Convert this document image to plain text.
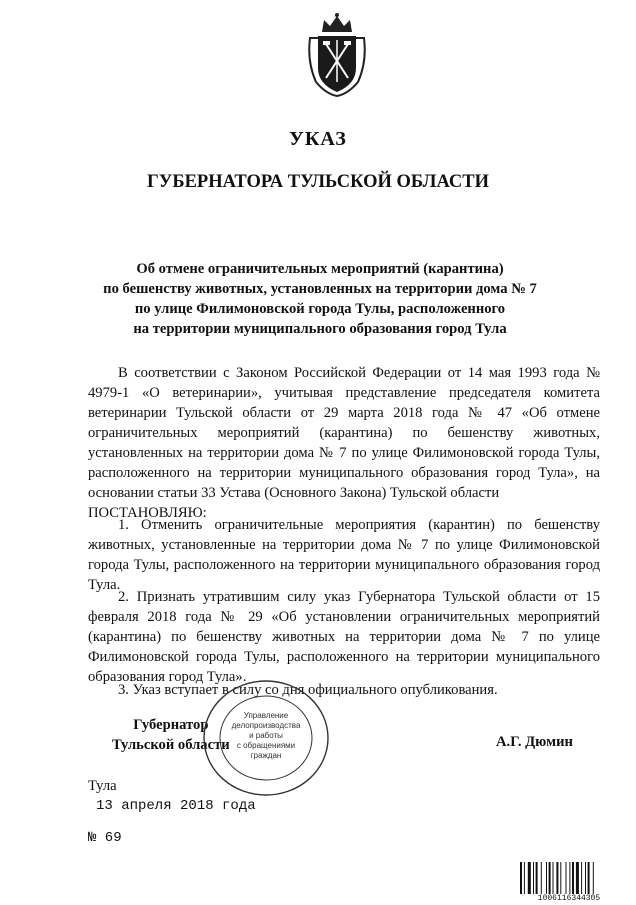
УКАЗ
ГУБЕРНАТОРА ТУЛЬСКОЙ ОБЛАСТИ
Об отмене ограничительных мероприятий (карантина)
по бешенству животных, установленных на территории дома № 7
по улице Филимоновской города Тулы, расположенного
на территории муниципального образования город Тула

В соответствии с Законом Российской Федерации от 14 мая 1993 года № 4979-1 «О ветеринарии», учитывая представление председателя комитета ветеринарии Тульской области от 29 марта 2018 года № 47 «Об отмене ограничительных мероприятий (карантина) по бешенству животных, установленных на территории дома № 7 по улице Филимоновской города Тулы, расположенного на территории муниципального образования город Тула», на основании статьи 33 Устава (Основного Закона) Тульской области

ПОСТАНОВЛЯЮ:

1. Отменить ограничительные мероприятия (карантин) по бешенству животных, установленные на территории дома № 7 по улице Филимоновской города Тулы, расположенного на территории муниципального образования город Тула.

2. Признать утратившим силу указ Губернатора Тульской области от 15 февраля 2018 года № 29 «Об установлении ограничительных мероприятий (карантина) по бешенству животных на территории дома № 7 по улице Филимоновской города Тулы, расположенного на территории муниципального образования город Тула».

3. Указ вступает в силу со дня официального опубликования.

Губернатор
Тульской области	А.Г. Дюмин
Управление
делопроизводства
и работы
с обращениями
граждан
Тула
13 апреля 2018 года
№ 69
1006116344305
